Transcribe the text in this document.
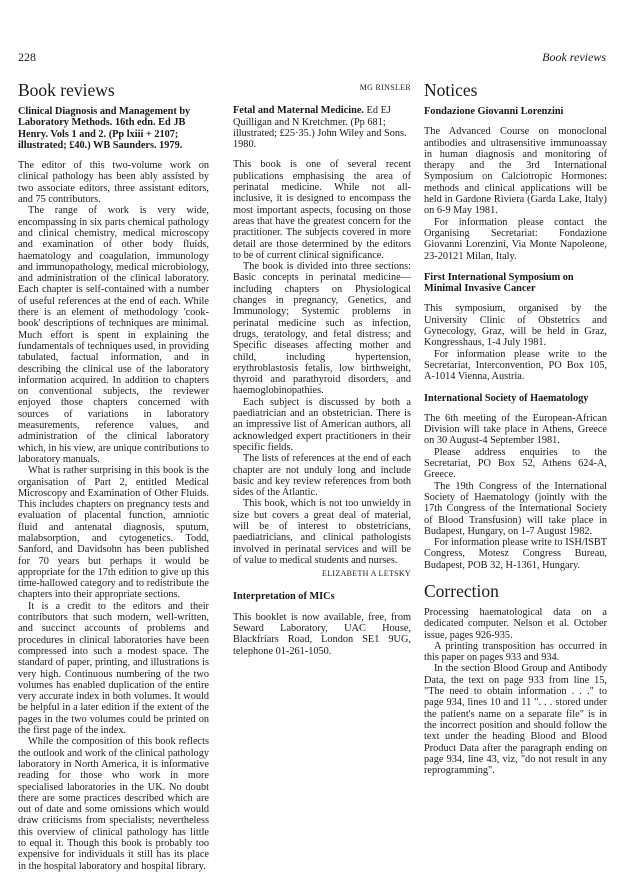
228	Book reviews
Book reviews
Clinical Diagnosis and Management by Laboratory Methods. 16th edn. Ed JB Henry. Vols 1 and 2. (Pp lxiii + 2107; illustrated; £40.) WB Saunders. 1979.

The editor of this two-volume work on clinical pathology has been ably assisted by two associate editors, three assistant editors, and 75 contributors.

The range of work is very wide, encompassing in six parts chemical pathology and clinical chemistry, medical microscopy and examination of other body fluids, haematology and coagulation, immunology and immunopathology, medical microbiology, and administration of the clinical laboratory. Each chapter is self-contained with a number of useful references at the end of each. While there is an element of methodology 'cook-book' descriptions of techniques are minimal. Much effort is spent in explaining the fundamentals of techniques used, in providing tabulated, factual information, and in describing the clinical use of the laboratory information acquired. In addition to chapters on conventional subjects, the reviewer enjoyed those chapters concerned with sources of variations in laboratory measurements, reference values, and administration of the clinical laboratory which, in his view, are unique contributions to laboratory manuals.

What is rather surprising in this book is the organisation of Part 2, entitled Medical Microscopy and Examination of Other Fluids. This includes chapters on pregnancy tests and evaluation of placental function, amniotic fluid and antenatal diagnosis, sputum, malabsorption, and cytogenetics. Todd, Sanford, and Davidsohn has been published for 70 years but perhaps it would be appropriate for the 17th edition to give up this time-hallowed category and to redistribute the chapters into their appropriate sections.

It is a credit to the editors and their contributors that such modern, well-written, and succinct accounts of problems and procedures in clinical laboratories have been compressed into such a modest space. The standard of paper, printing, and illustrations is very high. Continuous numbering of the two volumes has enabled duplication of the entire very accurate index in both volumes. It would be helpful in a later edition if the extent of the pages in the two volumes could be printed on the first page of the index.

While the composition of this book reflects the outlook and work of the clinical pathology laboratory in North America, it is informative reading for those who work in more specialised laboratories in the UK. No doubt there are some practices described which are out of date and some omissions which would draw criticisms from specialists; nevertheless this overview of clinical pathology has little to equal it. Though this book is probably too expensive for individuals it still has its place in the hospital laboratory and hospital library.

MG RINSLER
Fetal and Maternal Medicine. Ed EJ Quilligan and N Kretchmer. (Pp 681; illustrated; £25·35.) John Wiley and Sons. 1980.

This book is one of several recent publications emphasising the area of perinatal medicine. While not all-inclusive, it is designed to encompass the most important aspects, focusing on those areas that have the greatest concern for the practitioner. The subjects covered in more detail are those determined by the editors to be of current clinical significance.

The book is divided into three sections: Basic concepts in perinatal medicine—including chapters on Physiological changes in pregnancy, Genetics, and Immunology; Systemic problems in perinatal medicine such as infection, drugs, teratology, and fetal distress; and Specific diseases affecting mother and child, including hypertension, erythroblastosis fetalis, low birthweight, thyroid and parathyroid disorders, and haemoglobinopathies.

Each subject is discussed by both a paediatrician and an obstetrician. There is an impressive list of American authors, all acknowledged expert practitioners in their specific fields.

The lists of references at the end of each chapter are not unduly long and include basic and key review references from both sides of the Atlantic.

This book, which is not too unwieldy in size but covers a great deal of material, will be of interest to obstetricians, paediatricians, and clinical pathologists involved in perinatal services and will be of value to medical students and nurses.

ELIZABETH A LETSKY
Interpretation of MICs

This booklet is now available, free, from Seward Laboratory, UAC House, Blackfriars Road, London SE1 9UG, telephone 01-261-1050.

Notices
Fondazione Giovanni Lorenzini

The Advanced Course on monoclonal antibodies and ultrasensitive immunoassay in human diagnosis and monitoring of therapy and the 3rd International Symposium on Calciotropic Hormones: methods and clinical applications will be held in Gardone Riviera (Garda Lake, Italy) on 6-9 May 1981.

For information please contact the Organising Secretariat: Fondazione Giovanni Lorenzini, Via Monte Napoleone, 23-20121 Milan, Italy.

First International Symposium on Minimal Invasive Cancer

This symposium, organised by the University Clinic of Obstetrics and Gynecology, Graz, will be held in Graz, Kongresshaus, 1-4 July 1981.

For information please write to the Secretariat, Interconvention, PO Box 105, A-1014 Vienna, Austria.

International Society of Haematology

The 6th meeting of the European-African Division will take place in Athens, Greece on 30 August-4 September 1981.

Please address enquiries to the Secretariat, PO Box 52, Athens 624-A, Greece.

The 19th Congress of the International Society of Haematology (jointly with the 17th Congress of the International Society of Blood Transfusion) will take place in Budapest, Hungary, on 1-7 August 1982.

For information please write to ISH/ISBT Congress, Motesz Congress Bureau, Budapest, POB 32, H-1361, Hungary.

Correction

Processing haematological data on a dedicated computer. Nelson et al. October issue, pages 926-935.

A printing transposition has occurred in this paper on pages 933 and 934.

In the section Blood Group and Antibody Data, the text on page 933 from line 15, "The need to obtain information . . ." to page 934, lines 10 and 11 ". . . stored under the patient's name on a separate file" is in the incorrect position and should follow the text under the heading Blood and Blood Product Data after the paragraph ending on page 934, line 43, viz, "do not result in any reprogramming".
